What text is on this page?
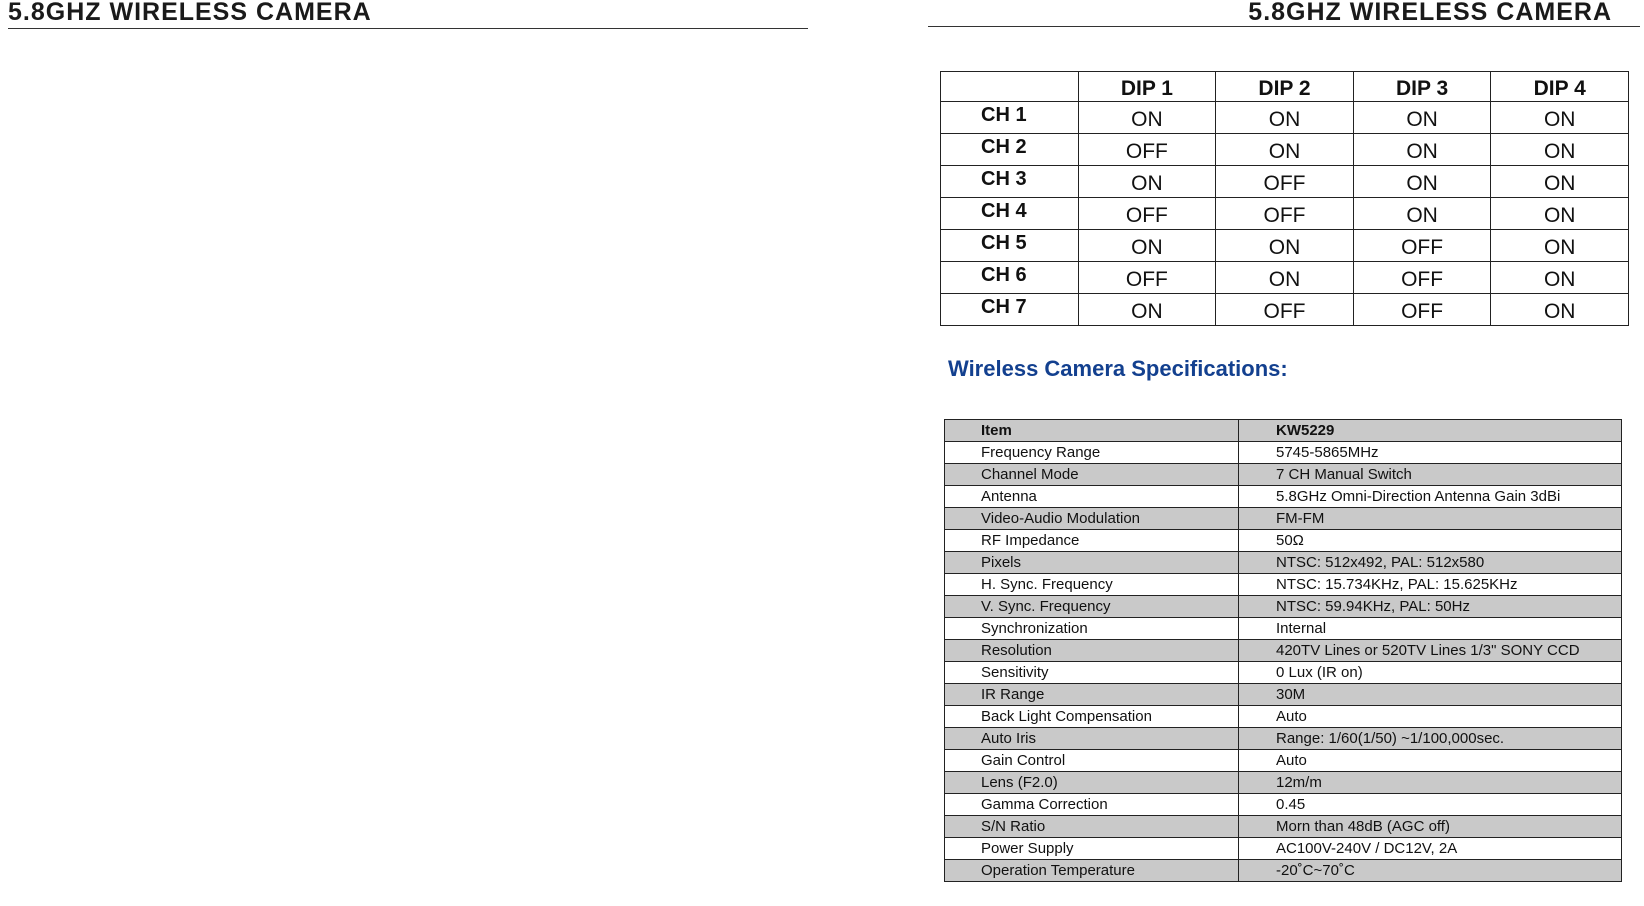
5.8GHZ WIRELESS CAMERA	5.8GHZ WIRELESS CAMERA
	DIP 1	DIP 2	DIP 3	DIP 4
CH 1	ON	ON	ON	ON
CH 2	OFF	ON	ON	ON
CH 3	ON	OFF	ON	ON
CH 4	OFF	OFF	ON	ON
CH 5	ON	ON	OFF	ON
CH 6	OFF	ON	OFF	ON
CH 7	ON	OFF	OFF	ON
Wireless Camera Specifications:
Item	KW5229
Frequency Range	5745-5865MHz
Channel Mode	7 CH Manual Switch
Antenna	5.8GHz Omni-Direction Antenna Gain 3dBi
Video-Audio Modulation	FM-FM
RF Impedance	50Ω
Pixels	NTSC: 512x492, PAL: 512x580
H. Sync. Frequency	NTSC: 15.734KHz, PAL: 15.625KHz
V. Sync. Frequency	NTSC: 59.94KHz, PAL: 50Hz
Synchronization	Internal
Resolution	420TV Lines or 520TV Lines 1/3" SONY CCD
Sensitivity	0 Lux (IR on)
IR Range	30M
Back Light Compensation	Auto
Auto Iris	Range: 1/60(1/50) ~1/100,000sec.
Gain Control	Auto
Lens (F2.0)	12m/m
Gamma Correction	0.45
S/N Ratio	Morn than 48dB (AGC off)
Power Supply	AC100V-240V / DC12V, 2A
Operation Temperature	-20˚C~70˚C
